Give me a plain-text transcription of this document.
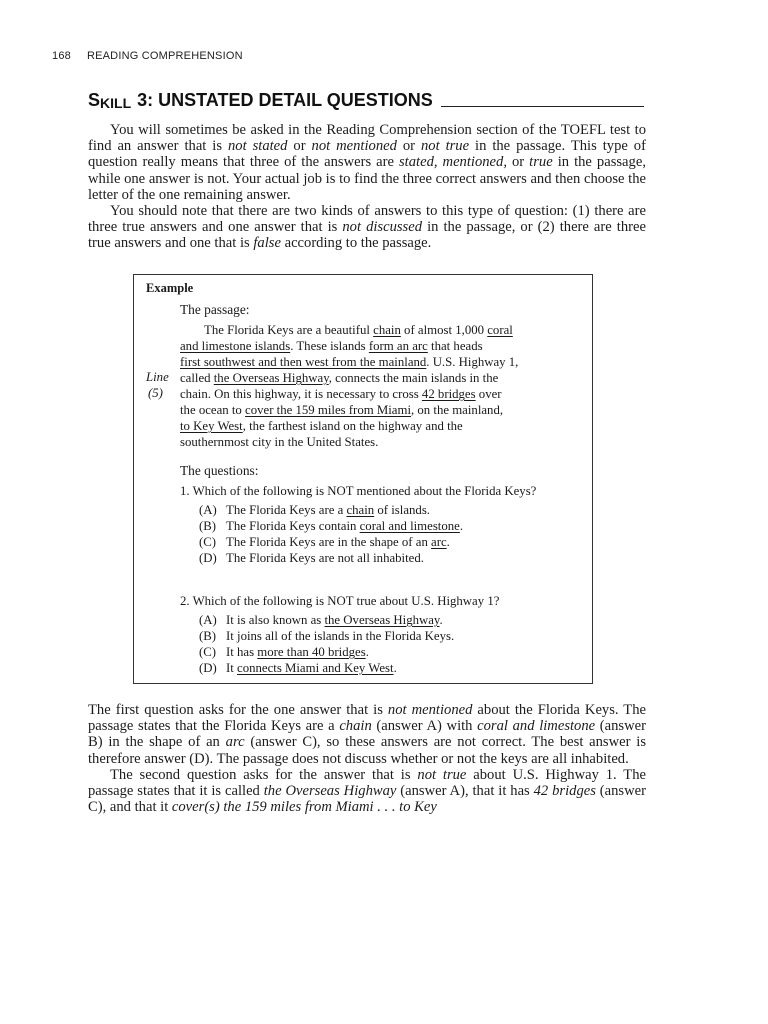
168 READING COMPREHENSION
S KILL 3: UNSTATED DETAIL QUESTIONS

You will sometimes be asked in the Reading Comprehension section of the TOEFL test to find an answer that is not stated or not mentioned or not true in the passage. This type of question really means that three of the answers are stated, mentioned, or true in the passage, while one answer is not. Your actual job is to find the three correct answers and then choose the letter of the one remaining answer.

You should note that there are two kinds of answers to this type of question: (1) there are three true answers and one answer that is not discussed in the passage, or (2) there are three true answers and one that is false according to the passage.

Example
The passage:
Line
(5)
The Florida Keys are a beautiful chain of almost 1,000 coral
and limestone islands. These islands form an arc that heads
first southwest and then west from the mainland. U.S. Highway 1,
called the Overseas Highway, connects the main islands in the
chain. On this highway, it is necessary to cross 42 bridges over
the ocean to cover the 159 miles from Miami, on the mainland,
to Key West, the farthest island on the highway and the
southernmost city in the United States.
The questions:
1. Which of the following is NOT mentioned about the Florida Keys?
(A) The Florida Keys are a chain of islands.
(B) The Florida Keys contain coral and limestone.
(C) The Florida Keys are in the shape of an arc.
(D) The Florida Keys are not all inhabited.
2. Which of the following is NOT true about U.S. Highway 1?
(A) It is also known as the Overseas Highway.
(B) It joins all of the islands in the Florida Keys.
(C) It has more than 40 bridges.
(D) It connects Miami and Key West.

The first question asks for the one answer that is not mentioned about the Florida Keys. The passage states that the Florida Keys are a chain (answer A) with coral and limestone (answer B) in the shape of an arc (answer C), so these answers are not correct. The best answer is therefore answer (D). The passage does not discuss whether or not the keys are all inhabited.

The second question asks for the answer that is not true about U.S. Highway 1. The passage states that it is called the Overseas Highway (answer A), that it has 42 bridges (answer C), and that it cover(s) the 159 miles from Miami . . . to Key
